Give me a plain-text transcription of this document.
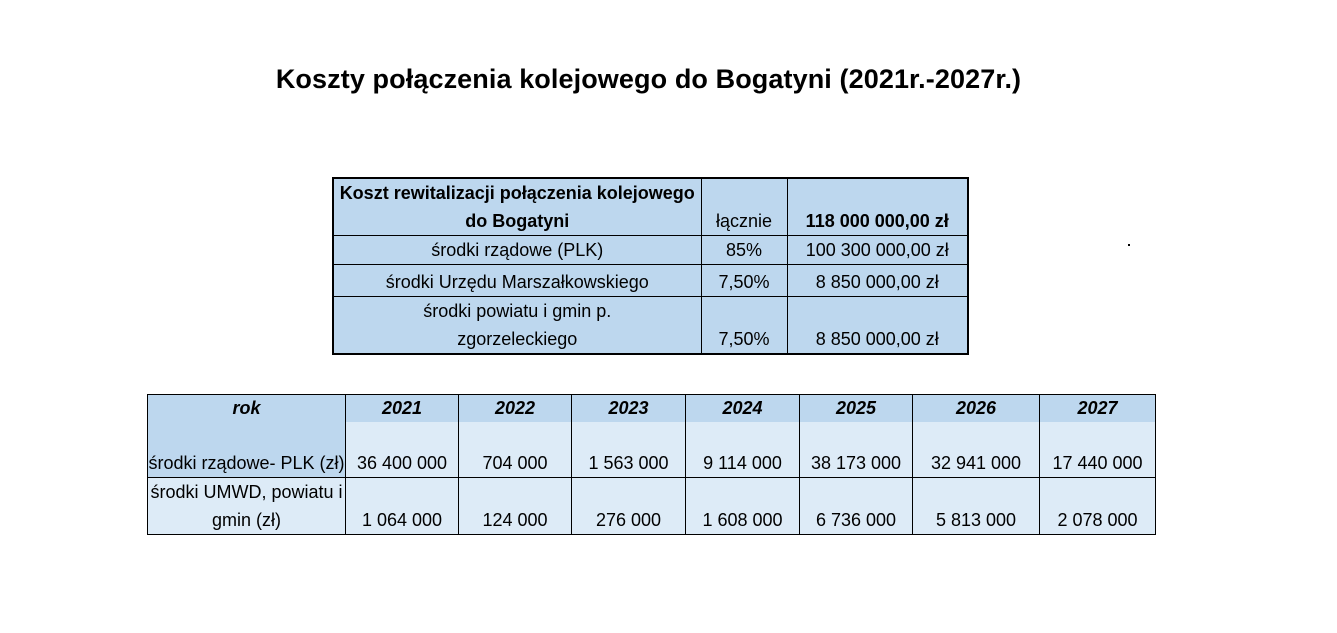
Koszty połączenia kolejowego do Bogatyni (2021r.-2027r.)
Koszt rewitalizacji połączenia kolejowego do Bogatyni	łącznie	118 000 000,00 zł
środki rządowe (PLK)	85%	100 300 000,00 zł
środki Urzędu Marszałkowskiego	7,50%	8 850 000,00 zł
środki powiatu i gmin p. zgorzeleckiego	7,50%	8 850 000,00 zł
rok	2021	2022	2023	2024	2025	2026	2027
środki rządowe- PLK (zł)	36 400 000	704 000	1 563 000	9 114 000	38 173 000	32 941 000	17 440 000
środki UMWD, powiatu i gmin (zł)	1 064 000	124 000	276 000	1 608 000	6 736 000	5 813 000	2 078 000
